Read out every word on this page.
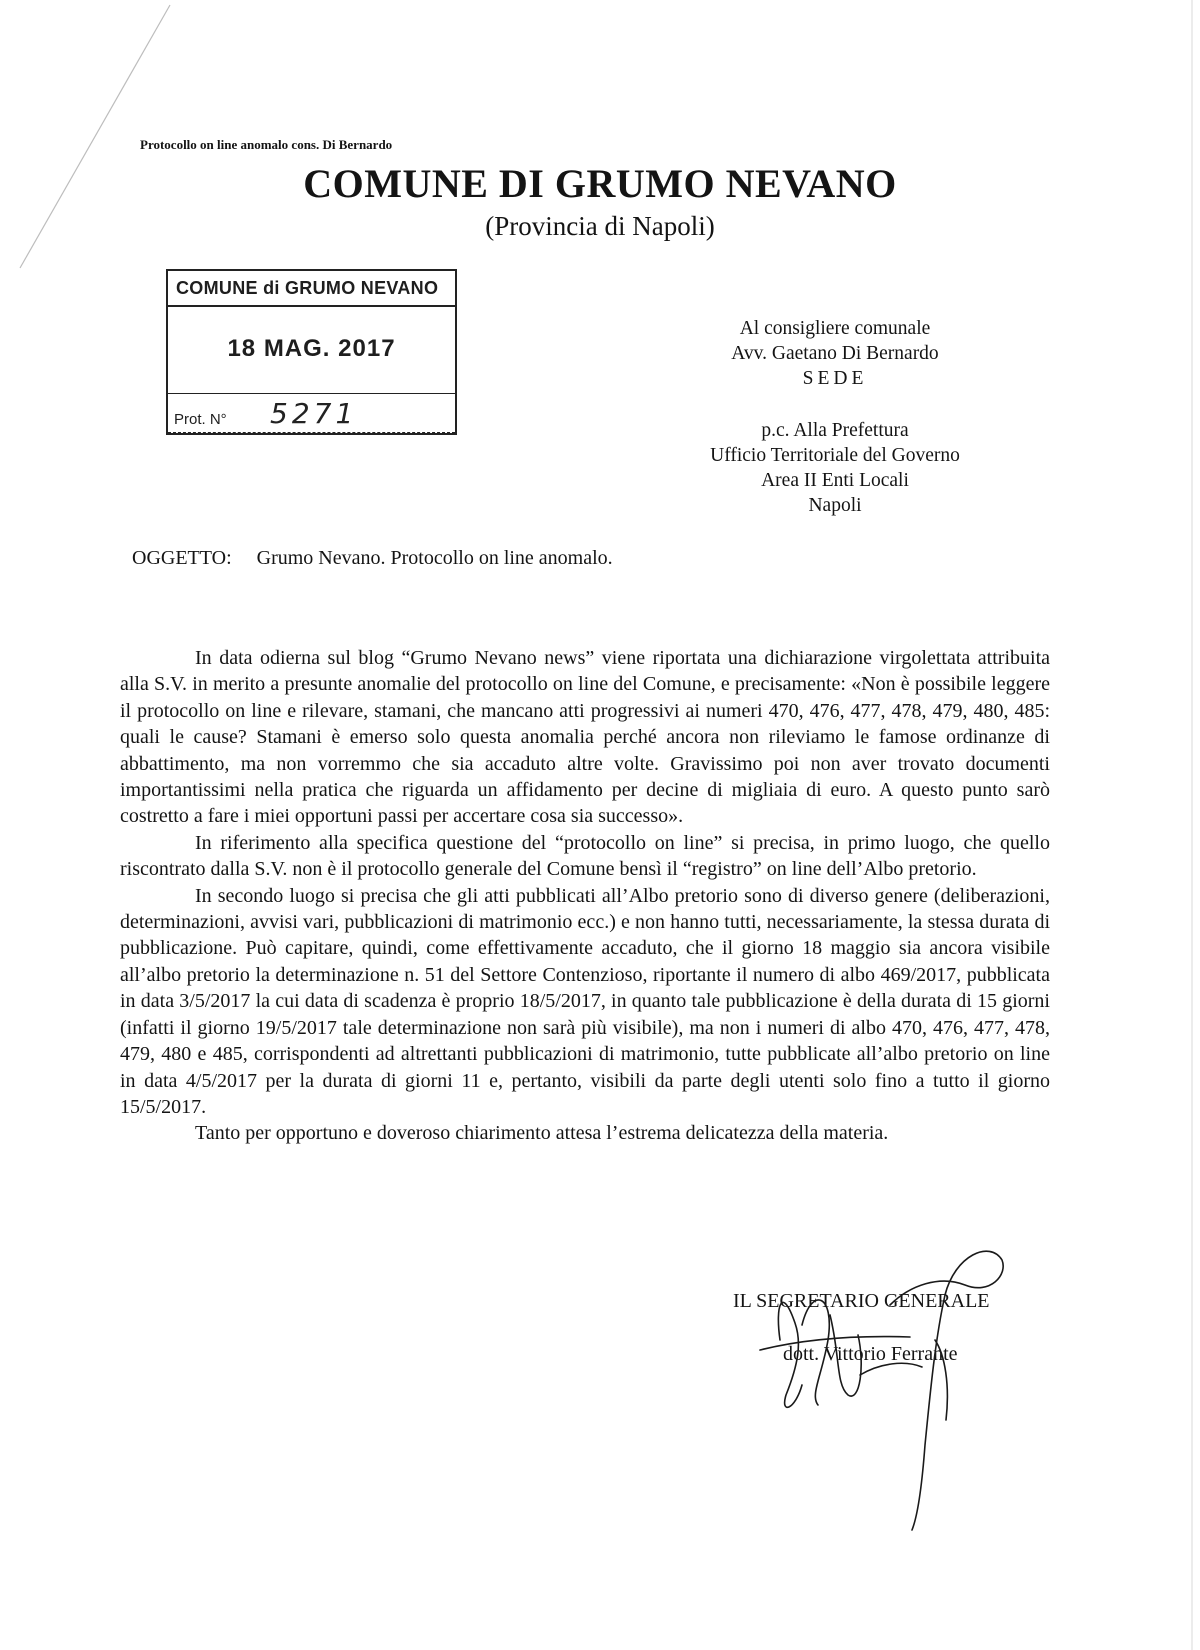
Protocollo on line anomalo cons. Di Bernardo
COMUNE DI GRUMO NEVANO
(Provincia di Napoli)
COMUNE di GRUMO NEVANO
18 MAG. 2017
Prot. N° 5271
Al consigliere comunale
Avv. Gaetano Di Bernardo
SEDE
p.c. Alla Prefettura
Ufficio Territoriale del Governo
Area II Enti Locali
Napoli
OGGETTO: Grumo Nevano. Protocollo on line anomalo.

In data odierna sul blog “Grumo Nevano news” viene riportata una dichiarazione virgolettata attribuita alla S.V. in merito a presunte anomalie del protocollo on line del Comune, e precisamente: «Non è possibile leggere il protocollo on line e rilevare, stamani, che mancano atti progressivi ai numeri 470, 476, 477, 478, 479, 480, 485: quali le cause? Stamani è emerso solo questa anomalia perché ancora non rileviamo le famose ordinanze di abbattimento, ma non vorremmo che sia accaduto altre volte. Gravissimo poi non aver trovato documenti importantissimi nella pratica che riguarda un affidamento per decine di migliaia di euro. A questo punto sarò costretto a fare i miei opportuni passi per accertare cosa sia successo».

In riferimento alla specifica questione del “protocollo on line” si precisa, in primo luogo, che quello riscontrato dalla S.V. non è il protocollo generale del Comune bensì il “registro” on line dell’Albo pretorio.

In secondo luogo si precisa che gli atti pubblicati all’Albo pretorio sono di diverso genere (deliberazioni, determinazioni, avvisi vari, pubblicazioni di matrimonio ecc.) e non hanno tutti, necessariamente, la stessa durata di pubblicazione. Può capitare, quindi, come effettivamente accaduto, che il giorno 18 maggio sia ancora visibile all’albo pretorio la determinazione n. 51 del Settore Contenzioso, riportante il numero di albo 469/2017, pubblicata in data 3/5/2017 la cui data di scadenza è proprio 18/5/2017, in quanto tale pubblicazione è della durata di 15 giorni (infatti il giorno 19/5/2017 tale determinazione non sarà più visibile), ma non i numeri di albo 470, 476, 477, 478, 479, 480 e 485, corrispondenti ad altrettanti pubblicazioni di matrimonio, tutte pubblicate all’albo pretorio on line in data 4/5/2017 per la durata di giorni 11 e, pertanto, visibili da parte degli utenti solo fino a tutto il giorno 15/5/2017.

Tanto per opportuno e doveroso chiarimento attesa l’estrema delicatezza della materia.

IL SEGRETARIO GENERALE
dott. Vittorio Ferrante
